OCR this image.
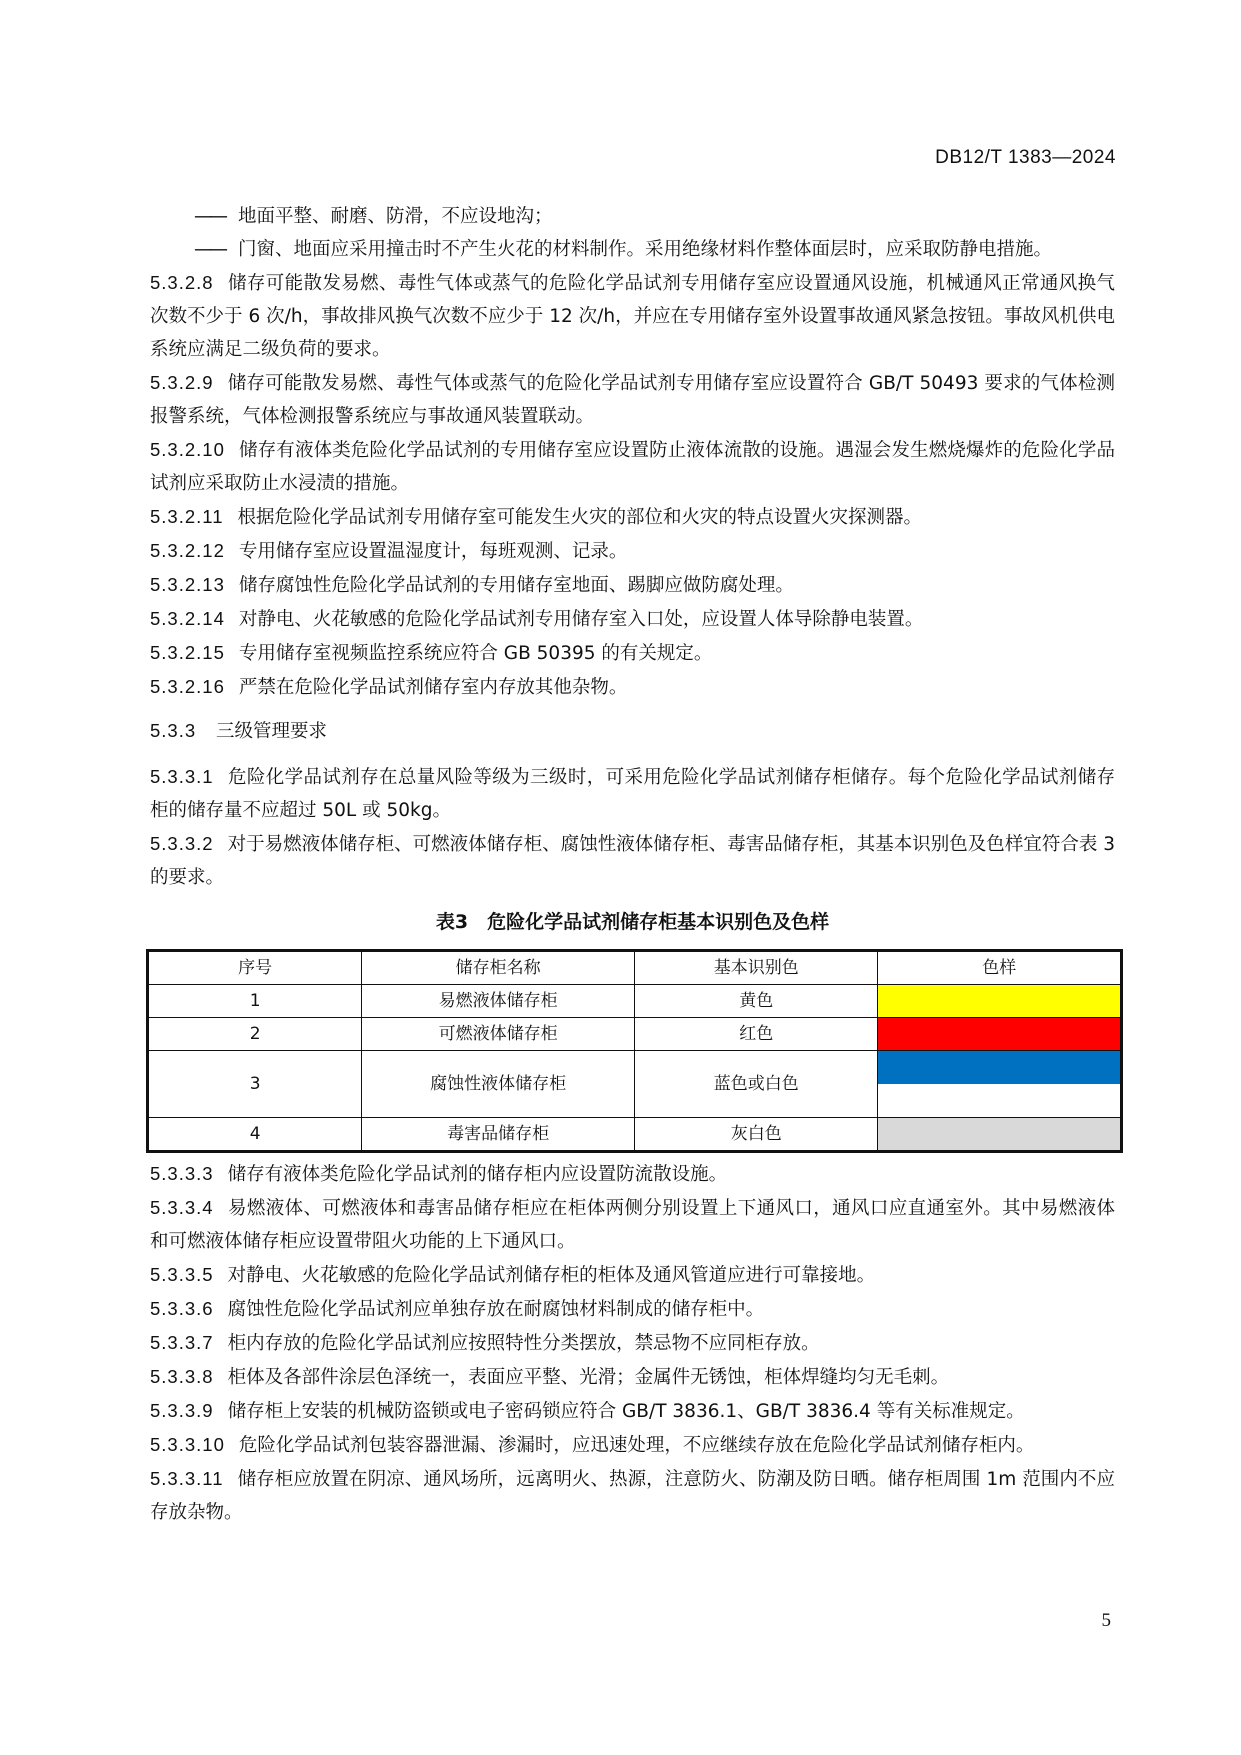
DB12/T 1383—2024
—— 地面平整、耐磨、防滑，不应设地沟；
—— 门窗、地面应采用撞击时不产生火花的材料制作。采用绝缘材料作整体面层时，应采取防静电措施。
5.3.2.8 储存可能散发易燃、毒性气体或蒸气的危险化学品试剂专用储存室应设置通风设施，机械通风正常通风换气次数不少于 6 次/h，事故排风换气次数不应少于 12 次/h，并应在专用储存室外设置事故通风紧急按钮。事故风机供电系统应满足二级负荷的要求。
5.3.2.9 储存可能散发易燃、毒性气体或蒸气的危险化学品试剂专用储存室应设置符合 GB/T 50493 要求的气体检测报警系统，气体检测报警系统应与事故通风装置联动。
5.3.2.10 储存有液体类危险化学品试剂的专用储存室应设置防止液体流散的设施。遇湿会发生燃烧爆炸的危险化学品试剂应采取防止水浸渍的措施。
5.3.2.11 根据危险化学品试剂专用储存室可能发生火灾的部位和火灾的特点设置火灾探测器。
5.3.2.12 专用储存室应设置温湿度计，每班观测、记录。
5.3.2.13 储存腐蚀性危险化学品试剂的专用储存室地面、踢脚应做防腐处理。
5.3.2.14 对静电、火花敏感的危险化学品试剂专用储存室入口处，应设置人体导除静电装置。
5.3.2.15 专用储存室视频监控系统应符合 GB 50395 的有关规定。
5.3.2.16 严禁在危险化学品试剂储存室内存放其他杂物。
5.3.3 三级管理要求
5.3.3.1 危险化学品试剂存在总量风险等级为三级时，可采用危险化学品试剂储存柜储存。每个危险化学品试剂储存柜的储存量不应超过 50L 或 50kg。
5.3.3.2 对于易燃液体储存柜、可燃液体储存柜、腐蚀性液体储存柜、毒害品储存柜，其基本识别色及色样宜符合表 3 的要求。
表3　危险化学品试剂储存柜基本识别色及色样
序号	储存柜名称	基本识别色	色样
1	易燃液体储存柜	黄色	
2	可燃液体储存柜	红色	
3	腐蚀性液体储存柜	蓝色或白色	

4	毒害品储存柜	灰白色	
5.3.3.3 储存有液体类危险化学品试剂的储存柜内应设置防流散设施。
5.3.3.4 易燃液体、可燃液体和毒害品储存柜应在柜体两侧分别设置上下通风口，通风口应直通室外。其中易燃液体和可燃液体储存柜应设置带阻火功能的上下通风口。
5.3.3.5 对静电、火花敏感的危险化学品试剂储存柜的柜体及通风管道应进行可靠接地。
5.3.3.6 腐蚀性危险化学品试剂应单独存放在耐腐蚀材料制成的储存柜中。
5.3.3.7 柜内存放的危险化学品试剂应按照特性分类摆放，禁忌物不应同柜存放。
5.3.3.8 柜体及各部件涂层色泽统一，表面应平整、光滑；金属件无锈蚀，柜体焊缝均匀无毛刺。
5.3.3.9 储存柜上安装的机械防盗锁或电子密码锁应符合 GB/T 3836.1、GB/T 3836.4 等有关标准规定。
5.3.3.10 危险化学品试剂包装容器泄漏、渗漏时，应迅速处理，不应继续存放在危险化学品试剂储存柜内。
5.3.3.11 储存柜应放置在阴凉、通风场所，远离明火、热源，注意防火、防潮及防日晒。储存柜周围 1m 范围内不应存放杂物。
5
